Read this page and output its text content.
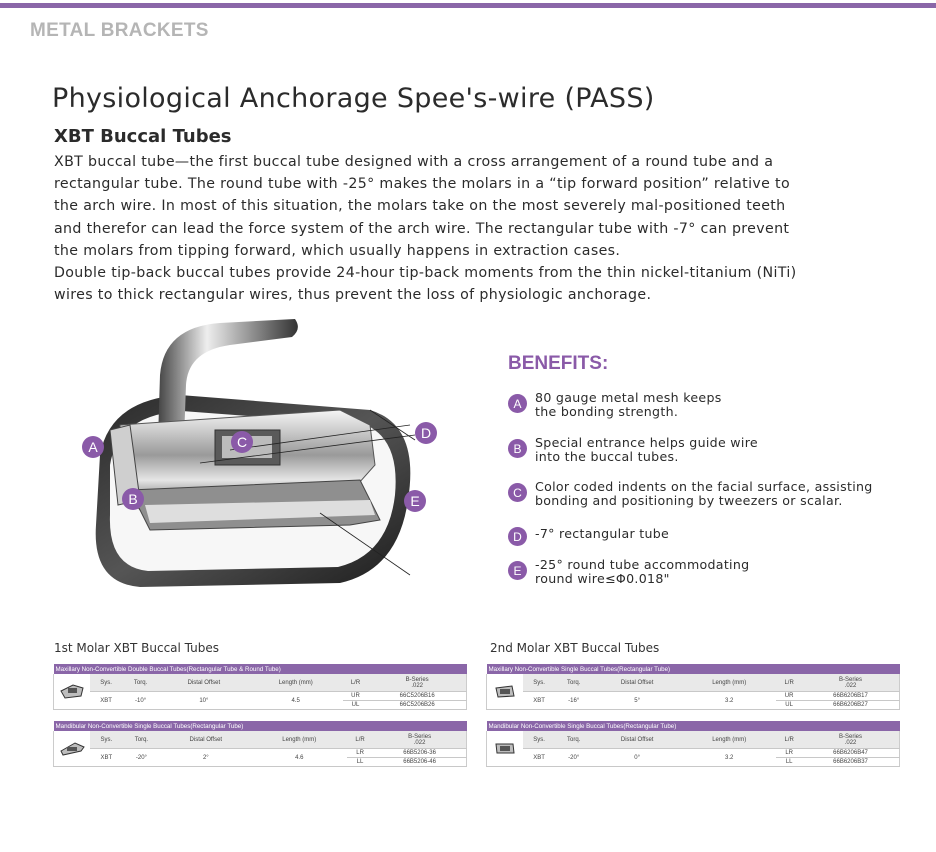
METAL BRACKETS
Physiological Anchorage Spee's-wire (PASS)
XBT Buccal Tubes

XBT buccal tube—the first buccal tube designed with a cross arrangement of a round tube and a rectangular tube. The round tube with -25° makes the molars in a “tip forward position” relative to the arch wire. In most of this situation, the molars take on the most severely mal-positioned teeth and therefor can lead the force system of the arch wire. The rectangular tube with -7° can prevent the molars from tipping forward, which usually happens in extraction cases.

Double tip-back buccal tubes provide 24-hour tip-back moments from the thin nickel-titanium (NiTi) wires to thick rectangular wires, thus prevent the loss of physiologic anchorage.

A
B
C
D
E
BENEFITS:
A	80 gauge metal mesh keeps
the bonding strength.
B	Special entrance helps guide wire
into the buccal tubes.
C	Color coded indents on the facial surface, assisting
bonding and positioning by tweezers or scalar.
D	-7° rectangular tube
E	-25° round tube accommodating
round wire≤Φ0.018"
1st Molar XBT Buccal Tubes	2nd Molar XBT Buccal Tubes
Maxillary Non-Convertible Double Buccal Tubes(Rectangular Tube & Round Tube)						
	Sys.	Torq.	Distal Offset	Length (mm)	L/R	B-Series
.022

	XBT	-10°	10°	4.5	UR	66C5206B16
					UL	66C5206B26
Mandibular Non-Convertible Single Buccal Tubes(Rectangular Tube)						
	Sys.	Torq.	Distal Offset	Length (mm)	L/R	B-Series
.022

	XBT	-20°	2°	4.6	LR	66B5206-36
					LL	66B5206-46
Maxillary Non-Convertible Single Buccal Tubes(Rectangular Tube)						
	Sys.	Torq.	Distal Offset	Length (mm)	L/R	B-Series
.022

	XBT	-16°	5°	3.2	UR	66B6206B17
					UL	66B6206B27
Mandibular Non-Convertible Single Buccal Tubes(Rectangular Tube)						
	Sys.	Torq.	Distal Offset	Length (mm)	L/R	B-Series
.022

	XBT	-20°	0°	3.2	LR	66B6206B47
					LL	66B6206B37
